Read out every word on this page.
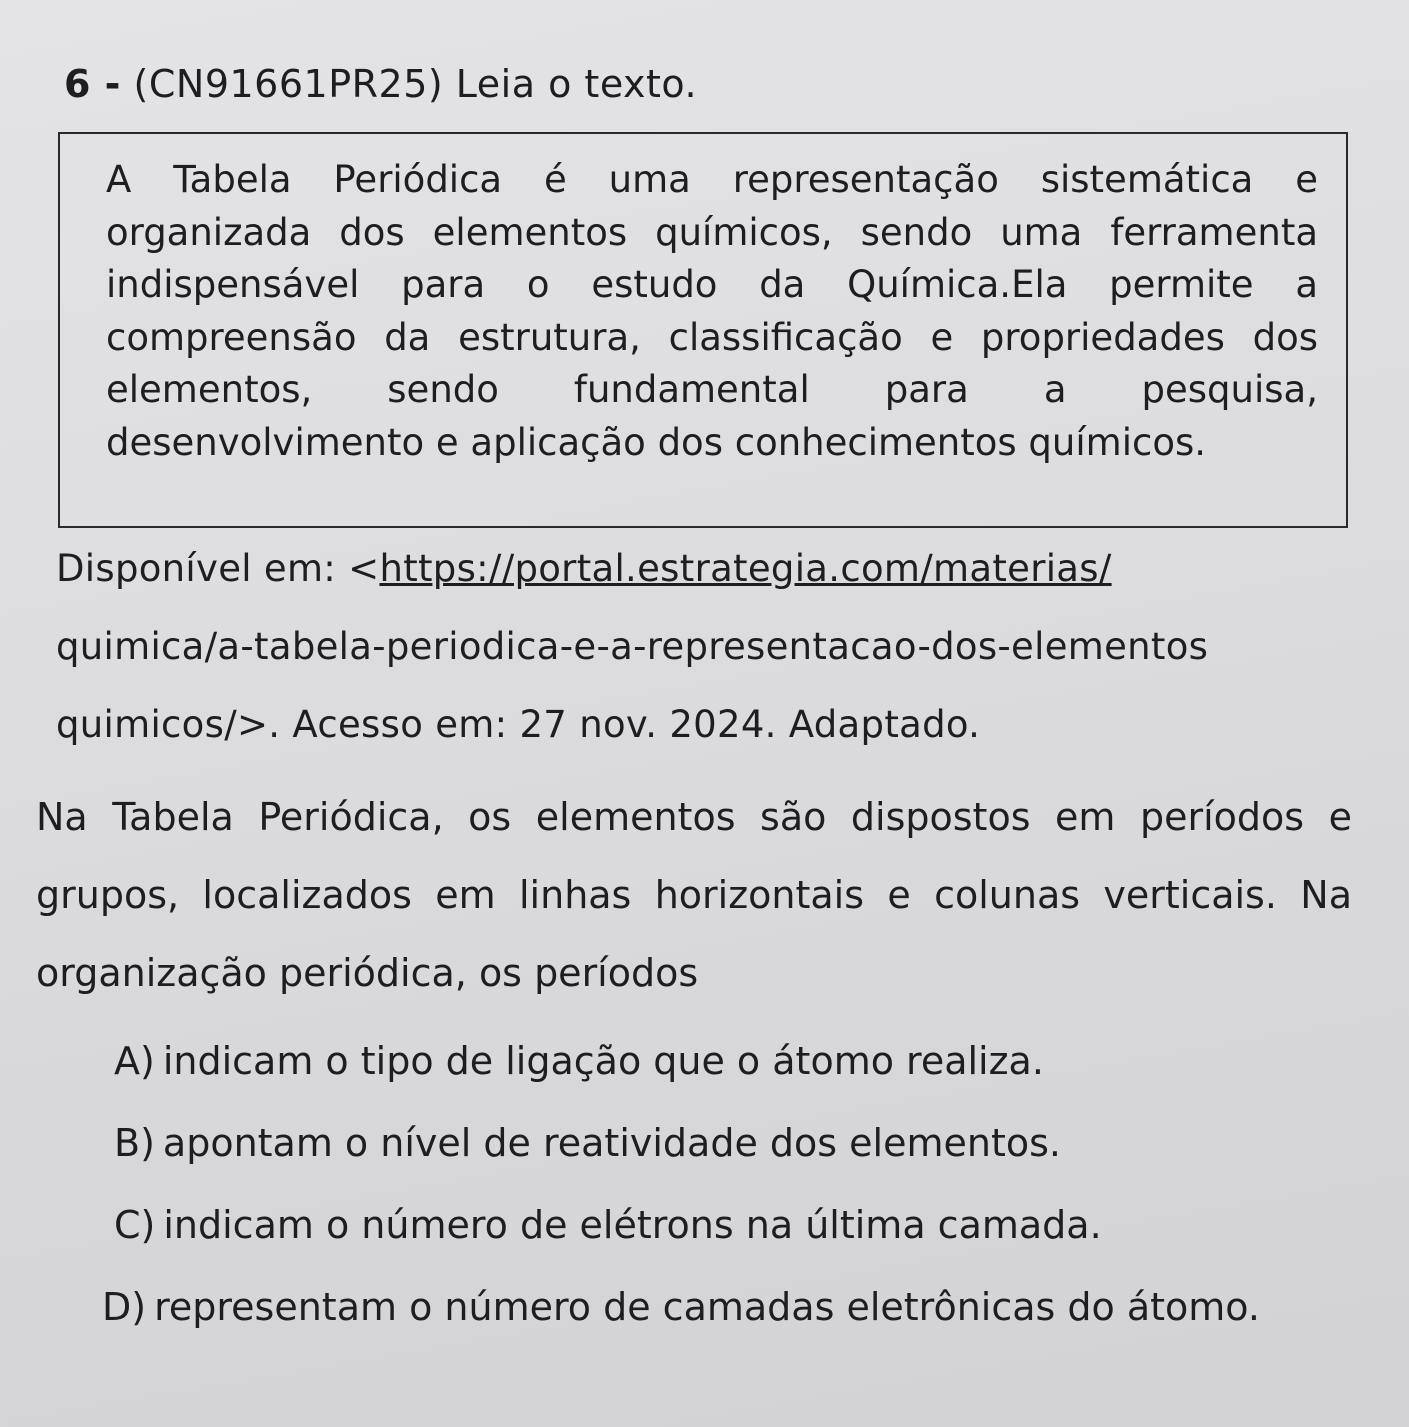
6 - (CN91661PR25) Leia o texto.

A Tabela Periódica é uma representação sistemática e organizada dos elementos químicos, sendo uma ferramenta indispensável para o estudo da Química.Ela permite a compreensão da estrutura, classificação e propriedades dos elementos, sendo fundamental para a pesquisa, desenvolvimento e aplicação dos conhecimentos químicos.

Disponível em: <https://portal.estrategia.com/materias/
quimica/a-tabela-periodica-e-a-representacao-dos-elementos quimicos/>. Acesso em: 27 nov. 2024. Adaptado.

Na Tabela Periódica, os elementos são dispostos em períodos e grupos, localizados em linhas horizontais e colunas verticais. Na organização periódica, os períodos

A) indicam o tipo de ligação que o átomo realiza.
B) apontam o nível de reatividade dos elementos.
C) indicam o número de elétrons na última camada.
D) representam o número de camadas eletrônicas do átomo.
